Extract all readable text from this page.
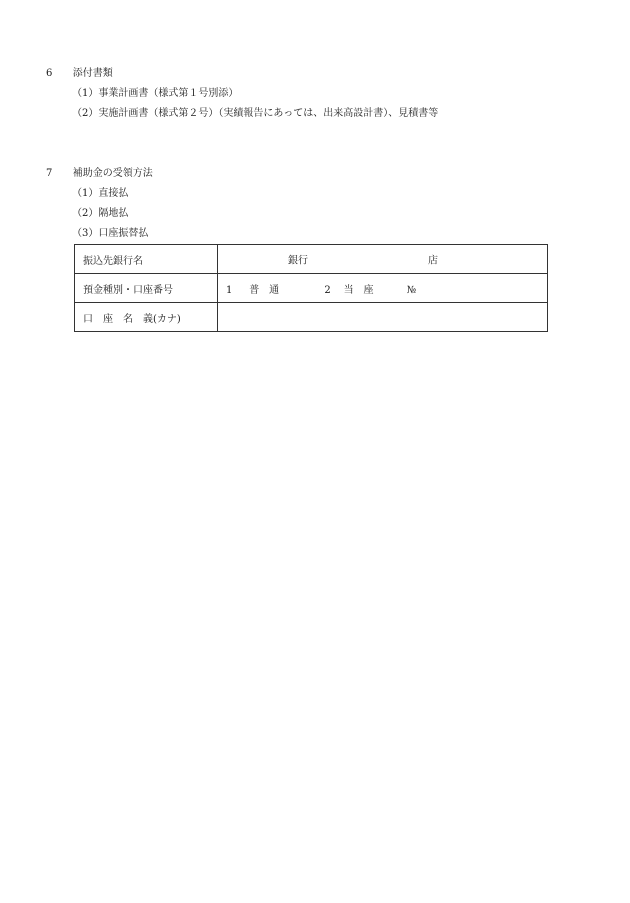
6 添付書類
（1）事業計画書（様式第１号別添）
（2）実施計画書（様式第２号）（実績報告にあっては、出来高設計書）、見積書等
7 補助金の受領方法
（1）直接払
（2）隔地払
（3）口座振替払
振込先銀行名	銀行 店

預金種別・口座番号	1 普　通 2 当　座 №
口　座　名　義(カナ)	
